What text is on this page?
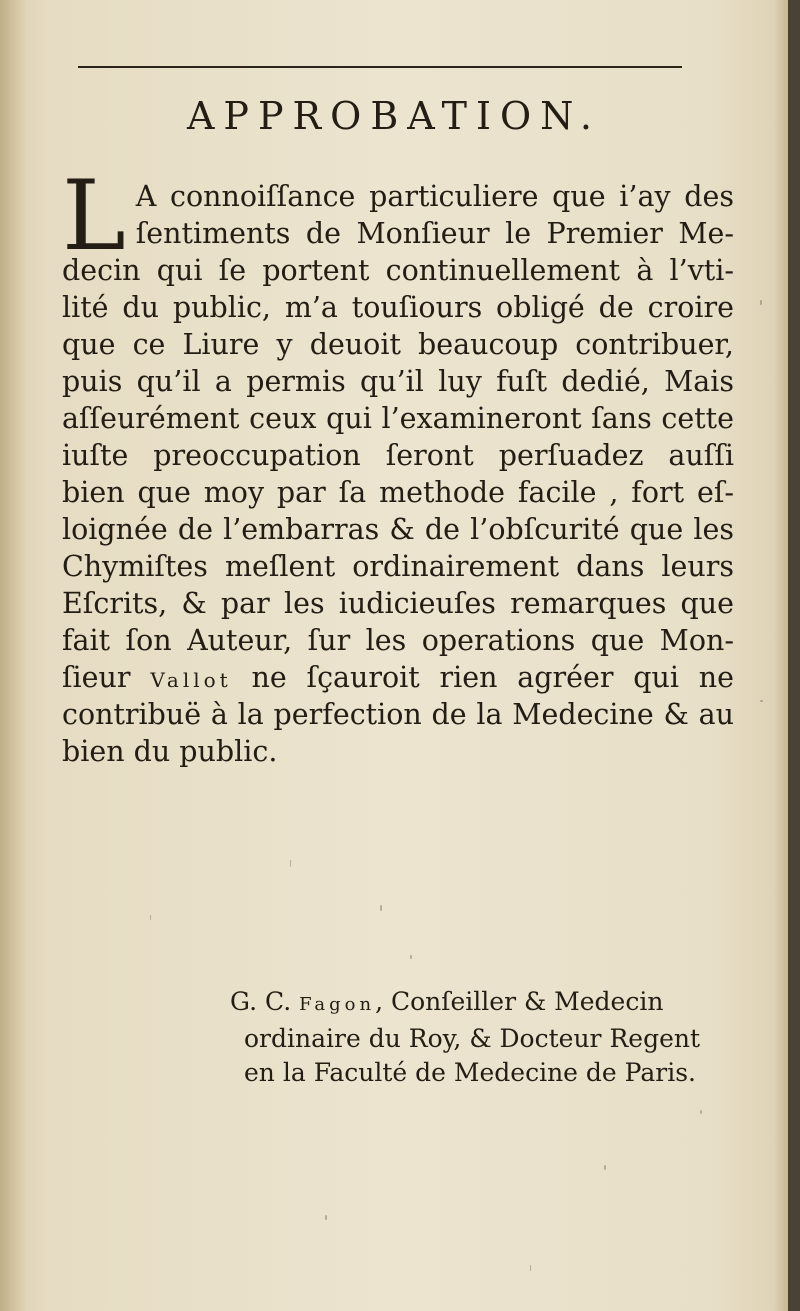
APPROBATION.
L A connoiſſance particuliere que i’ay des
ſentiments de Monſieur le Premier Me-
decin qui ſe portent continuellement à l’vti-
lité du public, m’a touſiours obligé de croire
que ce Liure y deuoit beaucoup contribuer,
puis qu’il a permis qu’il luy fuſt dedié, Mais
aſſeurément ceux qui l’examineront ſans cette
iuſte preoccupation ſeront perſuadez auſſi
bien que moy par ſa methode facile , fort eſ-
loignée de l’embarras & de l’obſcurité que les
Chymiſtes meſlent ordinairement dans leurs
Eſcrits, & par les iudicieuſes remarques que
fait ſon Auteur, ſur les operations que Mon-
ſieur Vallot ne ſçauroit rien agréer qui ne
contribuë à la perfection de la Medecine & au
bien du public.
G. C. Fagon, Conſeiller & Medecin
ordinaire du Roy, & Docteur Regent
en la Faculté de Medecine de Paris.
